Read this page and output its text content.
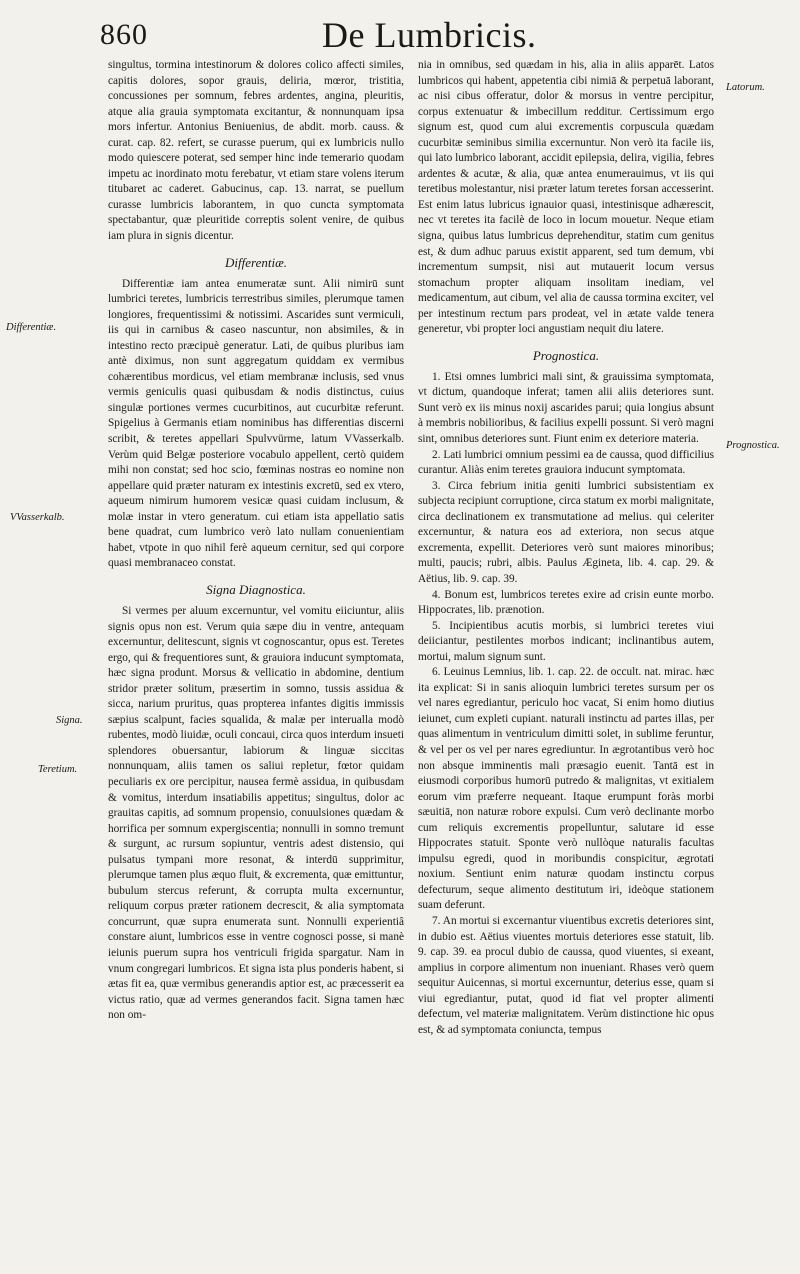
860	De Lumbricis.
Differentiæ.
VVasserkalb.
Signa.
Teretium.
Latorum.
Prognostica.

singultus, tormina intestinorum & dolores colico affecti similes, capitis dolores, sopor grauis, deliria, mœror, tristitia, concussiones per somnum, febres ardentes, angina, pleuritis, atque alia grauia symptomata excitantur, & nonnunquam ipsa mors infertur. Antonius Beniuenius, de abdit. morb. causs. & curat. cap. 82. refert, se curasse puerum, qui ex lumbricis nullo modo quiescere poterat, sed semper hinc inde temerario quodam impetu ac inordinato motu ferebatur, vt etiam stare volens iterum titubaret ac caderet. Gabucinus, cap. 13. narrat, se puellum curasse lumbricis laborantem, in quo cuncta symptomata spectabantur, quæ pleuritide correptis solent venire, de quibus iam plura in signis dicentur.

Differentiæ.

Differentiæ iam antea enumeratæ sunt. Alii nimirū sunt lumbrici teretes, lumbricis terrestribus similes, plerumque tamen longiores, frequentissimi & notissimi. Ascarides sunt vermiculi, iis qui in carnibus & caseo nascuntur, non absimiles, & in intestino recto præcipuè generatur. Lati, de quibus pluribus iam antè diximus, non sunt aggregatum quiddam ex vermibus cohærentibus mordicus, vel etiam membranæ inclusis, sed vnus vermis geniculis quasi quibusdam & nodis distinctus, cuius singulæ portiones vermes cucurbitinos, aut cucurbitæ referunt. Spigelius à Germanis etiam nominibus has differentias discerni scribit, & teretes appellari Spulvvürme, latum VVasserkalb. Verùm quid Belgæ posteriore vocabulo appellent, certò quidem mihi non constat; sed hoc scio, fœminas nostras eo nomine non appellare quid præter naturam ex intestinis excretū, sed ex vtero, aqueum nimirum humorem vesicæ quasi cuidam inclusum, & molæ instar in vtero generatum. cui etiam ista appellatio satis bene quadrat, cum lumbrico verò lato nullam conuenientiam habet, vtpote in quo nihil ferè aqueum cernitur, sed qui corpore quasi membranaceo constat.

Signa Diagnostica.

Si vermes per aluum excernuntur, vel vomitu eiiciuntur, aliis signis opus non est. Verum quia sæpe diu in ventre, antequam excernuntur, delitescunt, signis vt cognoscantur, opus est. Teretes ergo, qui & frequentiores sunt, & grauiora inducunt symptomata, hæc signa produnt. Morsus & vellicatio in abdomine, dentium stridor præter solitum, præsertim in somno, tussis assidua & sicca, narium pruritus, quas propterea infantes digitis immissis sæpius scalpunt, facies squalida, & malæ per interualla modò rubentes, modò liuidæ, oculi concaui, circa quos interdum insueti splendores obuersantur, labiorum & linguæ siccitas nonnunquam, aliis tamen os saliui repletur, fœtor quidam peculiaris ex ore percipitur, nausea fermè assidua, in quibusdam & vomitus, interdum insatiabilis appetitus; singultus, dolor ac grauitas capitis, ad somnum propensio, conuulsiones quædam & horrifica per somnum expergiscentia; nonnulli in somno tremunt & surgunt, ac rursum sopiuntur, ventris adest distensio, qui pulsatus tympani more resonat, & interdū supprimitur, plerumque tamen plus æquo fluit, & excrementa, quæ emittuntur, bubulum stercus referunt, & corrupta multa excernuntur, reliquum corpus præter rationem decrescit, & alia symptomata concurrunt, quæ supra enumerata sunt. Nonnulli experientiâ constare aiunt, lumbricos esse in ventre cognosci posse, si manè ieiunis puerum supra hos ventriculi frigida spargatur. Nam in vnum congregari lumbricos. Et signa ista plus ponderis habent, si ætas fit ea, quæ vermibus generandis aptior est, ac præcesserit ea victus ratio, quæ ad vermes generandos facit. Signa tamen hæc non om-

nia in omnibus, sed quædam in his, alia in aliis apparēt. Latos lumbricos qui habent, appetentia cibi nimiā & perpetuā laborant, ac nisi cibus offeratur, dolor & morsus in ventre percipitur, corpus extenuatur & imbecillum redditur. Certissimum ergo signum est, quod cum alui excrementis corpuscula quædam cucurbitæ seminibus similia excernuntur. Non verò ita facile iis, qui lato lumbrico laborant, accidit epilepsia, delira, vigilia, febres ardentes & acutæ, & alia, quæ antea enumerauimus, vt iis qui teretibus molestantur, nisi præter latum teretes forsan accesserint. Est enim latus lubricus ignauior quasi, intestinisque adhærescit, nec vt teretes ita facilè de loco in locum mouetur. Neque etiam signa, quibus latus lumbricus deprehenditur, statim cum genitus est, & dum adhuc paruus existit apparent, sed tum demum, vbi incrementum sumpsit, nisi aut mutauerit locum versus stomachum propter aliquam insolitam inediam, vel medicamentum, aut cibum, vel alia de caussa tormina exciteт, vel per intestinum rectum pars prodeat, vel in ætate valde tenera generetur, vbi propter loci angustiam nequit diu latere.

Prognostica.

1. Etsi omnes lumbrici mali sint, & grauissima symptomata, vt dictum, quandoque inferat; tamen alii aliis deteriores sunt. Sunt verò ex iis minus noxij ascarides parui; quia longius absunt à membris nobilioribus, & facilius expelli possunt. Si verò magni sint, omnibus deteriores sunt. Fiunt enim ex deteriore materia.

2. Lati lumbrici omnium pessimi ea de caussa, quod difficilius curantur. Aliàs enim teretes grauiora inducunt symptomata.

3. Circa febrium initia geniti lumbrici subsistentiam ex subjecta recipiunt corruptione, circa statum ex morbi malignitate, circa declinationem ex transmutatione ad melius. qui celeriter excernuntur, & natura eos ad exteriora, non secus atque excrementa, expellit. Deteriores verò sunt maiores minoribus; multi, paucis; rubri, albis. Paulus Ægineta, lib. 4. cap. 29. & Aëtius, lib. 9. cap. 39.

4. Bonum est, lumbricos teretes exire ad crisin eunte morbo. Hippocrates, lib. prænotion.

5. Incipientibus acutis morbis, si lumbrici teretes viui deiiciantur, pestilentes morbos indicant; inclinantibus autem, mortui, malum signum sunt.

6. Leuinus Lemnius, lib. 1. cap. 22. de occult. nat. mirac. hæc ita explicat: Si in sanis alioquin lumbrici teretes sursum per os vel nares egrediantur, periculo hoc vacat, Si enim homo diutius ieiunet, cum expleti cupiant. naturali instinctu ad partes illas, per quas alimentum in ventriculum dimitti solet, in sublime feruntur, & vel per os vel per nares egrediuntur. In ægrotantibus verò hoc non absque imminentis mali præsagio euenit. Tantā est in eiusmodi corporibus humorū putredo & malignitas, vt exitialem eorum vim præferre nequeant. Itaque erumpunt foràs morbi sæuitiā, non naturæ robore expulsi. Cum verò declinante morbo cum reliquis excrementis propelluntur, salutare id esse Hippocrates statuit. Sponte verò nullòque naturalis facultas impulsu egredi, quod in moribundis conspicitur, ægrotati noxium. Sentiunt enim naturæ quodam instinctu corpus defecturum, seque alimento destitutum iri, ideòque stationem suam deferunt.

7. An mortui si excernantur viuentibus excretis deteriores sint, in dubio est. Aëtius viuentes mortuis deteriores esse statuit, lib. 9. cap. 39. ea procul dubio de caussa, quod viuentes, si exeant, amplius in corpore alimentum non inueniant. Rhases verò quem sequitur Auicennas, si mortui excernuntur, deterius esse, quam si viui egrediantur, putat, quod id fiat vel propter alimenti defectum, vel materiæ malignitatem. Verùm distinctione hic opus est, & ad symptomata coniuncta, tempus
